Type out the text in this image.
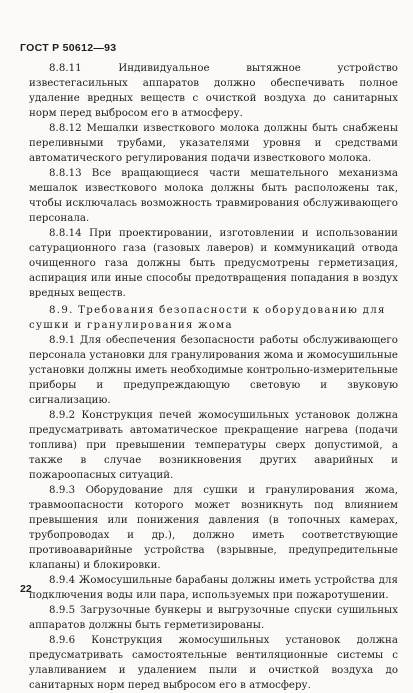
ГОСТ Р 50612—93

8.8.11 Индивидуальное вытяжное устройство известегасильных аппаратов должно обеспечивать полное удаление вредных веществ с очисткой воздуха до санитарных норм перед выбросом его в атмосферу.

8.8.12 Мешалки известкового молока должны быть снабжены переливными трубами, указателями уровня и средствами автоматического регулирования подачи известкового молока.

8.8.13 Все вращающиеся части мешательного механизма мешалок известкового молока должны быть расположены так, чтобы исключалась возможность травмирования обслуживающего персонала.

8.8.14 При проектировании, изготовлении и использовании сатурационного газа (газовых лаверов) и коммуникаций отвода очищенного газа должны быть предусмотрены герметизация, аспирация или иные способы предотвращения попадания в воздух вредных веществ.

8.9. Требования безопасности к оборудованию для сушки и гранулирования жома

8.9.1 Для обеспечения безопасности работы обслуживающего персонала установки для гранулирования жома и жомосушильные установки должны иметь необходимые контрольно-измерительные приборы и предупреждающую световую и звуковую сигнализацию.

8.9.2 Конструкция печей жомосушильных установок должна предусматривать автоматическое прекращение нагрева (подачи топлива) при превышении температуры сверх допустимой, а также в случае возникновения других аварийных и пожароопасных ситуаций.

8.9.3 Оборудование для сушки и гранулирования жома, травмоопасности которого может возникнуть под влиянием превышения или понижения давления (в топочных камерах, трубопроводах и др.), должно иметь соответствующие противоаварийные устройства (взрывные, предупредительные клапаны) и блокировки.

8.9.4 Жомосушильные барабаны должны иметь устройства для подключения воды или пара, используемых при пожаротушении.

8.9.5 Загрузочные бункеры и выгрузочные спуски сушильных аппаратов должны быть герметизированы.

8.9.6 Конструкция жомосушильных установок должна предусматривать самостоятельные вентиляционные системы с улавливанием и удалением пыли и очисткой воздуха до санитарных норм перед выбросом его в атмосферу.

22
